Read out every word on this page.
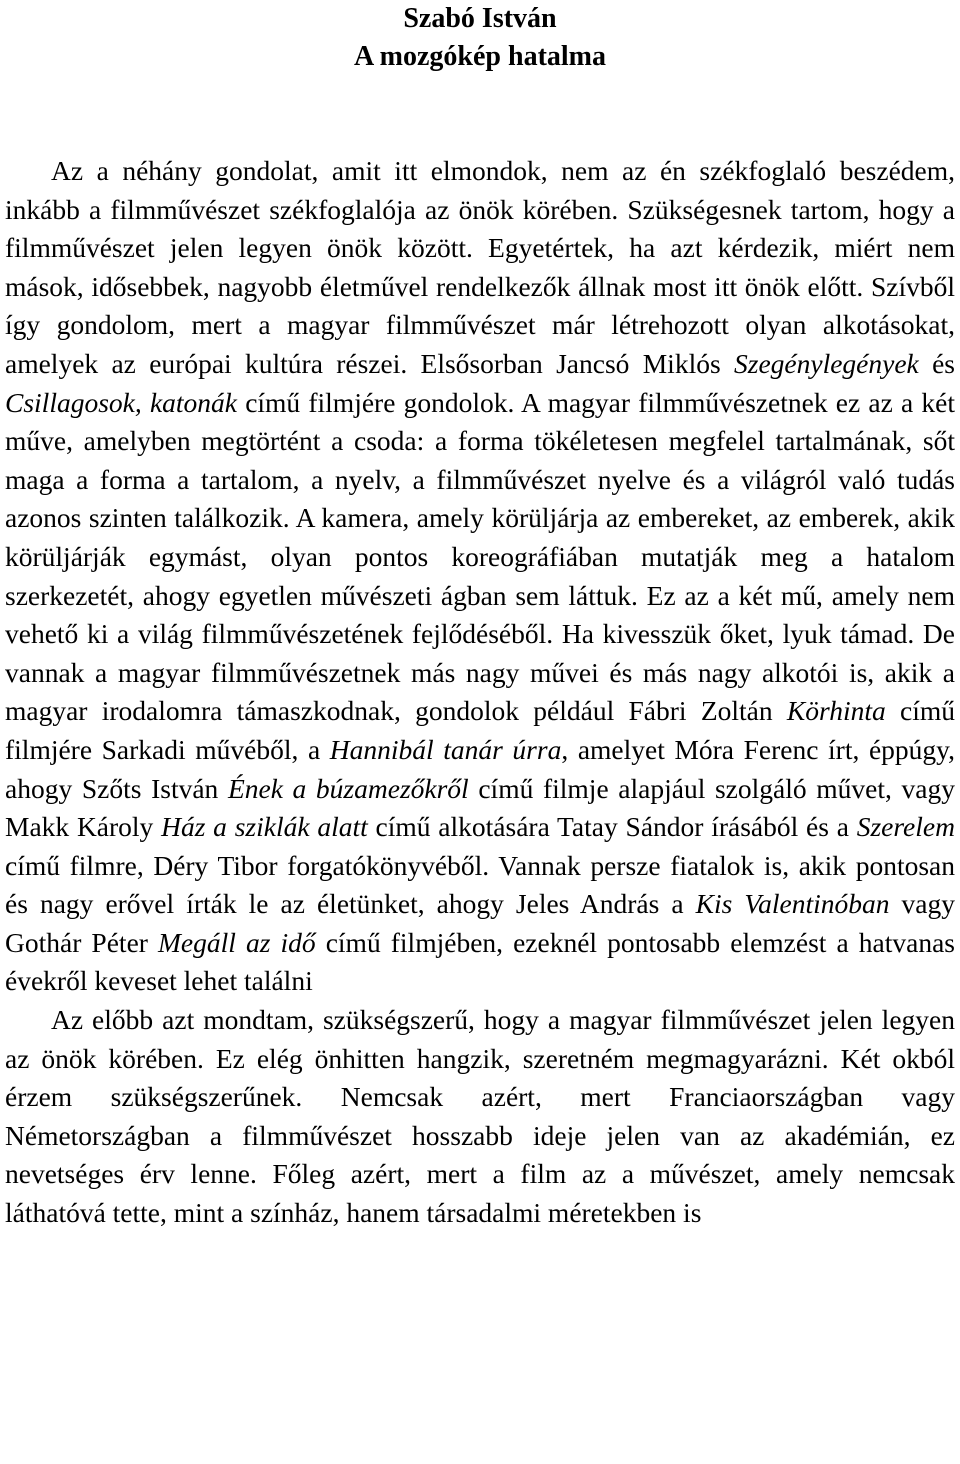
Szabó István
A mozgókép hatalma

Az a néhány gondolat, amit itt elmondok, nem az én székfoglaló beszédem, inkább a filmművészet székfoglalója az önök körében. Szükségesnek tartom, hogy a filmművészet jelen legyen önök között. Egyetértek, ha azt kérdezik, miért nem mások, idősebbek, nagyobb életművel rendelkezők állnak most itt önök előtt. Szívből így gondolom, mert a magyar filmművészet már létrehozott olyan alkotásokat, amelyek az európai kultúra részei. Elsősorban Jancsó Miklós Szegénylegények és Csillagosok, katonák című filmjére gondolok. A magyar filmművészetnek ez az a két műve, amelyben megtörtént a csoda: a forma tökéletesen megfelel tartalmának, sőt maga a forma a tartalom, a nyelv, a filmművészet nyelve és a világról való tudás azonos szinten találkozik. A kamera, amely körüljárja az embereket, az emberek, akik körüljárják egymást, olyan pontos koreográfiában mutatják meg a hatalom szerkezetét, ahogy egyetlen művészeti ágban sem láttuk. Ez az a két mű, amely nem vehető ki a világ filmművészetének fejlődéséből. Ha kivesszük őket, lyuk támad. De vannak a magyar filmművészetnek más nagy művei és más nagy alkotói is, akik a magyar irodalomra támaszkodnak, gondolok például Fábri Zoltán Körhinta című filmjére Sarkadi művéből, a Hannibál tanár úrra, amelyet Móra Ferenc írt, éppúgy, ahogy Szőts István Ének a búzamezőkről című filmje alapjául szolgáló művet, vagy Makk Károly Ház a sziklák alatt című alkotására Tatay Sándor írásából és a Szerelem című filmre, Déry Tibor forgatókönyvéből. Vannak persze fiatalok is, akik pontosan és nagy erővel írták le az életünket, ahogy Jeles András a Kis Valentinóban vagy Gothár Péter Megáll az idő című filmjében, ezeknél pontosabb elemzést a hatvanas évekről keveset lehet találni

Az előbb azt mondtam, szükségszerű, hogy a magyar filmművészet jelen legyen az önök körében. Ez elég önhitten hangzik, szeretném megmagyarázni. Két okból érzem szükségszerűnek. Nemcsak azért, mert Franciaországban vagy Németországban a filmművészet hosszabb ideje jelen van az akadémián, ez nevetséges érv lenne. Főleg azért, mert a film az a művészet, amely nemcsak láthatóvá tette, mint a színház, hanem társadalmi méretekben is
